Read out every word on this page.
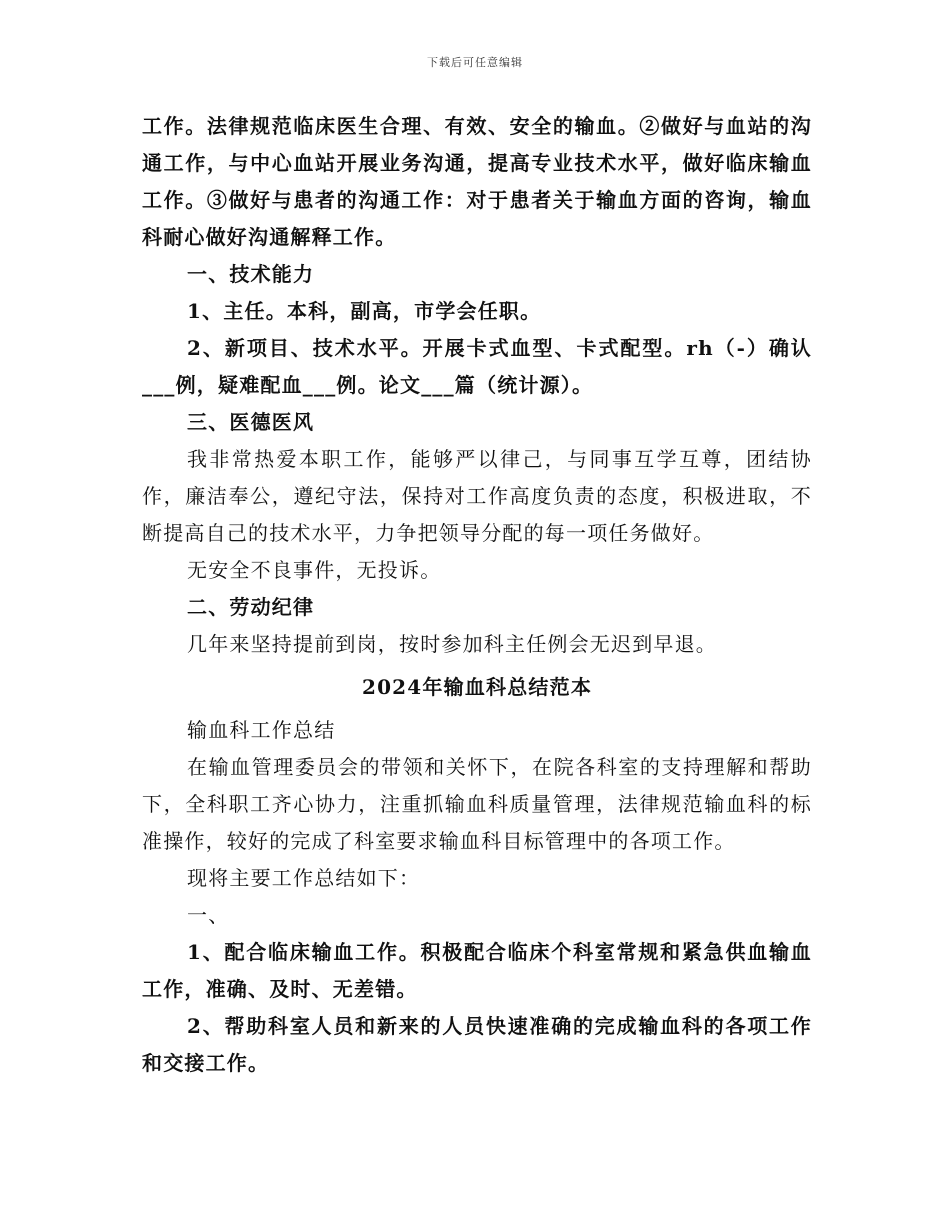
下载后可任意编辑

工作。法律规范临床医生合理、有效、安全的输血。②做好与血站的沟通工作，与中心血站开展业务沟通，提高专业技术水平，做好临床输血工作。③做好与患者的沟通工作：对于患者关于输血方面的咨询，输血科耐心做好沟通解释工作。

一、技术能力

1、主任。本科，副高，市学会任职。

2、新项目、技术水平。开展卡式血型、卡式配型。rh（-）确认___例，疑难配血___例。论文___篇（统计源）。

三、医德医风

我非常热爱本职工作，能够严以律己，与同事互学互尊，团结协作，廉洁奉公，遵纪守法，保持对工作高度负责的态度，积极进取，不断提高自己的技术水平，力争把领导分配的每一项任务做好。

无安全不良事件，无投诉。

二、劳动纪律

几年来坚持提前到岗，按时参加科主任例会无迟到早退。

2024年输血科总结范本

输血科工作总结

在输血管理委员会的带领和关怀下，在院各科室的支持理解和帮助下，全科职工齐心协力，注重抓输血科质量管理，法律规范输血科的标准操作，较好的完成了科室要求输血科目标管理中的各项工作。

现将主要工作总结如下：

一、

1、配合临床输血工作。积极配合临床个科室常规和紧急供血输血工作，准确、及时、无差错。

2、帮助科室人员和新来的人员快速准确的完成输血科的各项工作和交接工作。
